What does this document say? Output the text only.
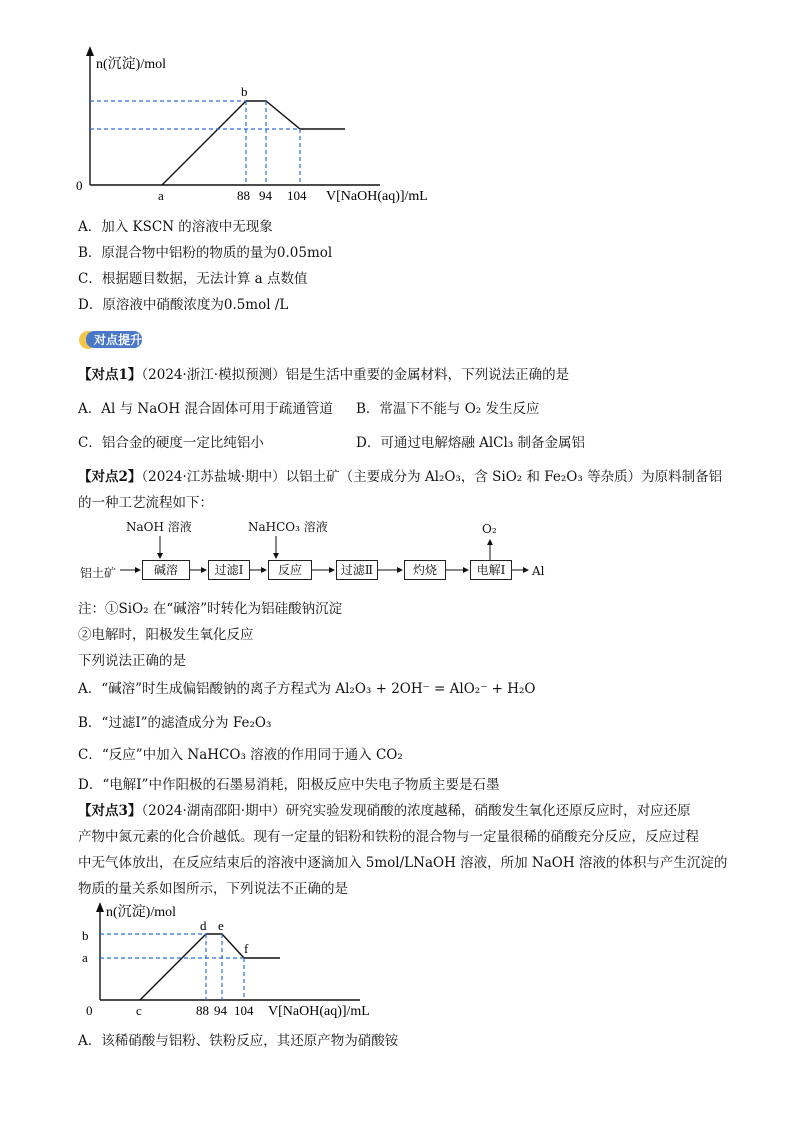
n(沉淀)/mol
0
b
a	88 94 104 V[NaOH(aq)]/mL
A．加入 KSCN 的溶液中无现象
B．原混合物中铝粉的物质的量为0.05mol
C．根据题目数据，无法计算 a 点数值
D．原溶液中硝酸浓度为0.5mol /L
对点提升
【对点1】（2024·浙江·模拟预测）铝是生活中重要的金属材料，下列说法正确的是
A．Al 与 NaOH 混合固体可用于疏通管道 B．常温下不能与 O₂ 发生反应
C．铝合金的硬度一定比纯铝小	D．可通过电解熔融 AlCl₃ 制备金属铝
【对点2】（2024·江苏盐城·期中）以铝土矿（主要成分为 Al₂O₃，含 SiO₂ 和 Fe₂O₃ 等杂质）为原料制备铝
的一种工艺流程如下：
NaOH 溶液	NaHCO₃ 溶液	O₂
铝土矿	碱溶	过滤Ⅰ	反应	过滤Ⅱ	灼烧	电解Ⅰ	Al
注：①SiO₂ 在“碱溶”时转化为铝硅酸钠沉淀
②电解时，阳极发生氧化反应
下列说法正确的是
A．“碱溶”时生成偏铝酸钠的离子方程式为 Al₂O₃ + 2OH⁻ = AlO₂⁻ + H₂O
B．“过滤Ⅰ”的滤渣成分为 Fe₂O₃
C．“反应”中加入 NaHCO₃ 溶液的作用同于通入 CO₂
D．“电解Ⅰ”中作阳极的石墨易消耗，阳极反应中失电子物质主要是石墨
【对点3】（2024·湖南邵阳·期中）研究实验发现硝酸的浓度越稀，硝酸发生氧化还原反应时，对应还原
产物中氮元素的化合价越低。现有一定量的铝粉和铁粉的混合物与一定量很稀的硝酸充分反应，反应过程
中无气体放出，在反应结束后的溶液中逐滴加入 5mol/LNaOH 溶液，所加 NaOH 溶液的体积与产生沉淀的
物质的量关系如图所示，下列说法不正确的是
n(沉淀)/mol
0
b
a
d e
f
c	88 94 104 V[NaOH(aq)]/mL
A．该稀硝酸与铝粉、铁粉反应，其还原产物为硝酸铵
